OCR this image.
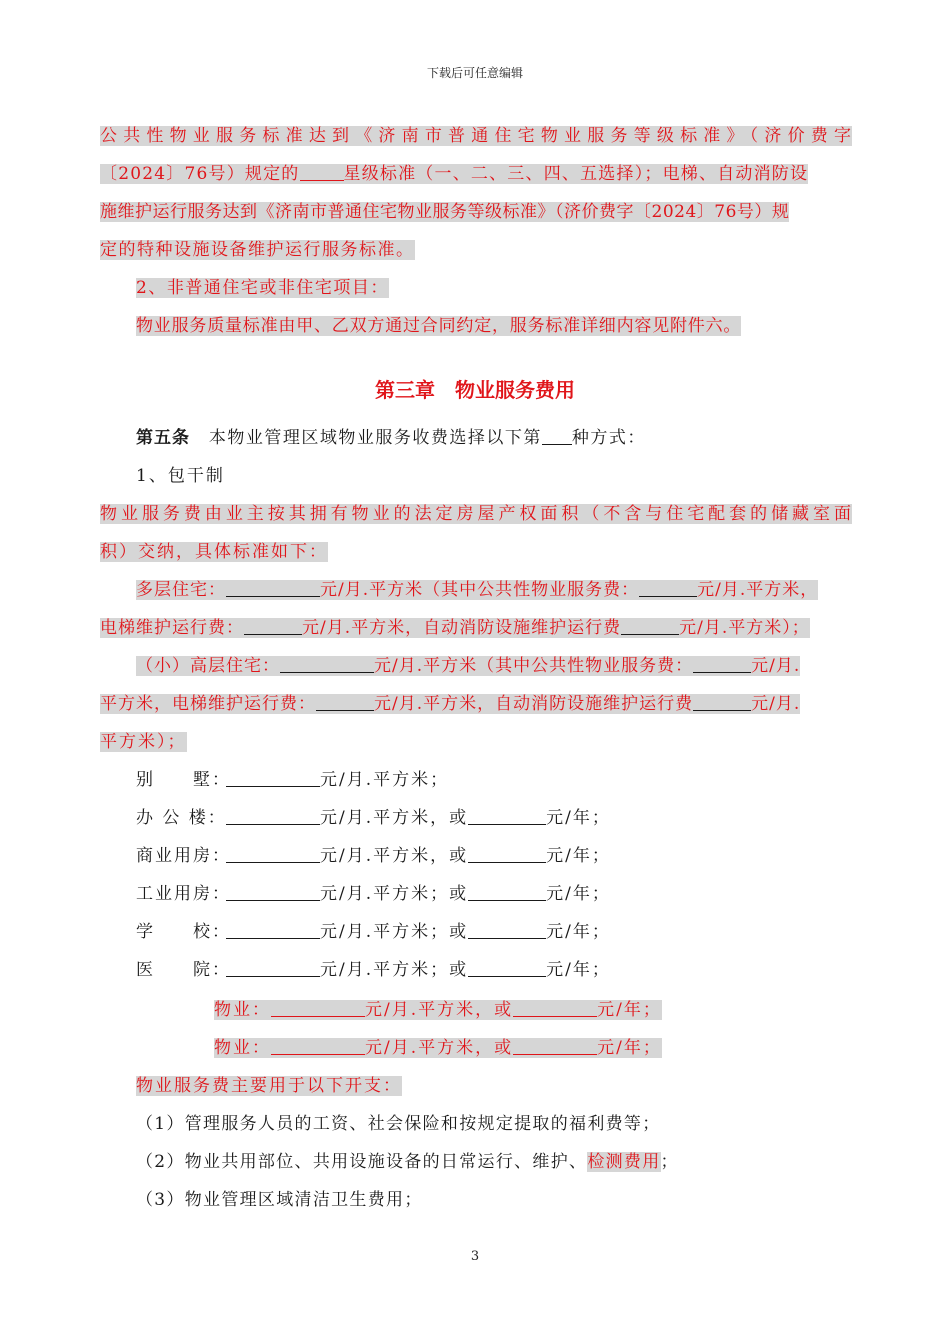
下载后可任意编辑
公共性物业服务标准达到《济南市普通住宅物业服务等级标准》（济价费字
〔2024〕76号）规定的	星级标准（一、二、三、四、五选择）；电梯、自动消防设
施维护运行服务达到《济南市普通住宅物业服务等级标准》（济价费字〔2024〕76号）规
定的特种设施设备维护运行服务标准。
2、非普通住宅或非住宅项目：
物业服务质量标准由甲、乙双方通过合同约定，服务标准详细内容见附件六。
第三章　物业服务费用
第五条 本物业管理区域物业服务收费选择以下第 种方式：
1、包干制
物业服务费由业主按其拥有物业的法定房屋产权面积（不含与住宅配套的储藏室面
积）交纳，具体标准如下：
多层住宅：	元/月.平方米（其中公共性物业服务费：	元/月.平方米，
电梯维护运行费：	元/月.平方米，自动消防设施维护运行费	元/月.平方米）；
（小）高层住宅：	元/月.平方米（其中公共性物业服务费：	元/月.
平方米，电梯维护运行费：	元/月.平方米，自动消防设施维护运行费	元/月.
平方米）；
别　　墅：	元/月.平方米；
办 公 楼：	元/月.平方米，或	元/年；
商业用房：	元/月.平方米，或	元/年；
工业用房：	元/月.平方米；或	元/年；
学　　校：	元/月.平方米；或	元/年；
医　　院：	元/月.平方米；或	元/年；
物业：	元/月.平方米，或	元/年；
物业：	元/月.平方米，或	元/年；
物业服务费主要用于以下开支：
（1）管理服务人员的工资、社会保险和按规定提取的福利费等；
（2）物业共用部位、共用设施设备的日常运行、维护、检测费用；
（3）物业管理区域清洁卫生费用；
3
